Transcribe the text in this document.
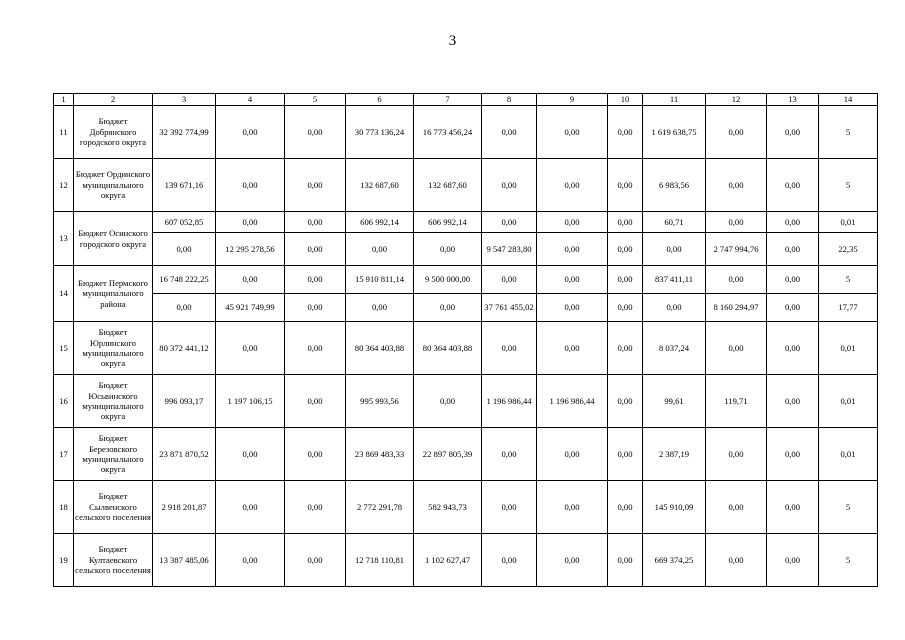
3
1	2	3	4	5	6	7	8	9	10	11	12	13	14
11	Бюджет Добрянского городского округа	32 392 774,99	0,00	0,00	30 773 136,24	16 773 456,24	0,00	0,00	0,00	1 619 638,75	0,00	0,00	5
12	Бюджет Ординского муниципального округа	139 671,16	0,00	0,00	132 687,60	132 687,60	0,00	0,00	0,00	6 983,56	0,00	0,00	5
13	Бюджет Осинского городского округа	607 052,85	0,00	0,00	606 992,14	606 992,14	0,00	0,00	0,00	60,71	0,00	0,00	0,01
		0,00	12 295 278,56	0,00	0,00	0,00	9 547 283,80	0,00	0,00	0,00	2 747 994,76	0,00	22,35
14	Бюджет Пермского муниципального района	16 748 222,25	0,00	0,00	15 910 811,14	9 500 000,00	0,00	0,00	0,00	837 411,11	0,00	0,00	5
		0,00	45 921 749,99	0,00	0,00	0,00	37 761 455,02	0,00	0,00	0,00	8 160 294,97	0,00	17,77
15	Бюджет Юрлинского муниципального округа	80 372 441,12	0,00	0,00	80 364 403,88	80 364 403,88	0,00	0,00	0,00	8 037,24	0,00	0,00	0,01
16	Бюджет Юсьвинского муниципального округа	996 093,17	1 197 106,15	0,00	995 993,56	0,00	1 196 986,44	1 196 986,44	0,00	99,61	119,71	0,00	0,01
17	Бюджет Березовского муниципального округа	23 871 870,52	0,00	0,00	23 869 483,33	22 897 805,39	0,00	0,00	0,00	2 387,19	0,00	0,00	0,01
18	Бюджет Сылвенского сельского поселения	2 918 201,87	0,00	0,00	2 772 291,78	582 943,73	0,00	0,00	0,00	145 910,09	0,00	0,00	5
19	Бюджет Култаевского сельского поселения	13 387 485,06	0,00	0,00	12 718 110,81	1 102 627,47	0,00	0,00	0,00	669 374,25	0,00	0,00	5
